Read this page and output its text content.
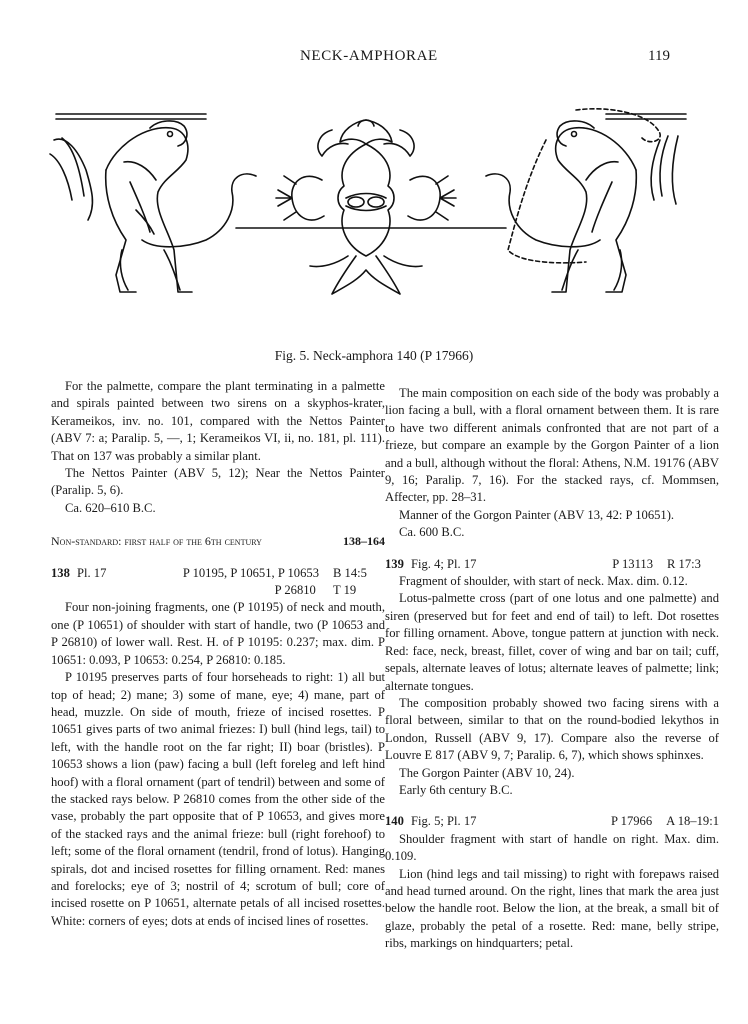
NECK-AMPHORAE	119
Fig. 5. Neck-amphora 140 (P 17966)

For the palmette, compare the plant terminating in a palmette and spirals painted between two sirens on a skyphos-krater, Kerameikos, inv. no. 101, compared with the Nettos Painter (ABV 7: a; Paralip. 5, —, 1; Kerameikos VI, ii, no. 181, pl. 111). That on 137 was probably a similar plant.

The Nettos Painter (ABV 5, 12); Near the Nettos Painter (Paralip. 5, 6).

Ca. 620–610 B.C.

Non-standard: first half of the 6th century	138–164
138 Pl. 17	P 10195, P 10651, P 10653 B 14:5
P 26810 T 19

Four non-joining fragments, one (P 10195) of neck and mouth, one (P 10651) of shoulder with start of handle, two (P 10653 and P 26810) of lower wall. Rest. H. of P 10195: 0.237; max. dim. P 10651: 0.093, P 10653: 0.254, P 26810: 0.185.

P 10195 preserves parts of four horseheads to right: 1) all but top of head; 2) mane; 3) some of mane, eye; 4) mane, part of head, muzzle. On side of mouth, frieze of incised rosettes. P 10651 gives parts of two animal friezes: I) bull (hind legs, tail) to left, with the handle root on the far right; II) boar (bristles). P 10653 shows a lion (paw) facing a bull (left foreleg and left hind hoof) with a floral ornament (part of tendril) between and some of the stacked rays below. P 26810 comes from the other side of the vase, probably the part opposite that of P 10653, and gives more of the stacked rays and the animal frieze: bull (right forehoof) to left; some of the floral ornament (tendril, frond of lotus). Hanging spirals, dot and incised rosettes for filling ornament. Red: manes and forelocks; eye of 3; nostril of 4; scrotum of bull; core of incised rosette on P 10651, alternate petals of all incised rosettes. White: corners of eyes; dots at ends of incised lines of rosettes.

The main composition on each side of the body was probably a lion facing a bull, with a floral ornament between them. It is rare to have two different animals confronted that are not part of a frieze, but compare an example by the Gorgon Painter of a lion and a bull, although without the floral: Athens, N.M. 19176 (ABV 9, 16; Paralip. 7, 16). For the stacked rays, cf. Mommsen, Affecter, pp. 28–31.

Manner of the Gorgon Painter (ABV 13, 42: P 10651).

Ca. 600 B.C.

139 Fig. 4; Pl. 17	P 13113 R 17:3

Fragment of shoulder, with start of neck. Max. dim. 0.12.

Lotus-palmette cross (part of one lotus and one palmette) and siren (preserved but for feet and end of tail) to left. Dot rosettes for filling ornament. Above, tongue pattern at junction with neck. Red: face, neck, breast, fillet, cover of wing and bar on tail; cuff, sepals, alternate leaves of lotus; alternate leaves of palmette; link; alternate tongues.

The composition probably showed two facing sirens with a floral between, similar to that on the round-bodied lekythos in London, Russell (ABV 9, 17). Compare also the reverse of Louvre E 817 (ABV 9, 7; Paralip. 6, 7), which shows sphinxes.

The Gorgon Painter (ABV 10, 24).

Early 6th century B.C.

140 Fig. 5; Pl. 17	P 17966 A 18–19:1

Shoulder fragment with start of handle on right. Max. dim. 0.109.

Lion (hind legs and tail missing) to right with forepaws raised and head turned around. On the right, lines that mark the area just below the handle root. Below the lion, at the break, a small bit of glaze, probably the petal of a rosette. Red: mane, belly stripe, ribs, markings on hindquarters; petal.
